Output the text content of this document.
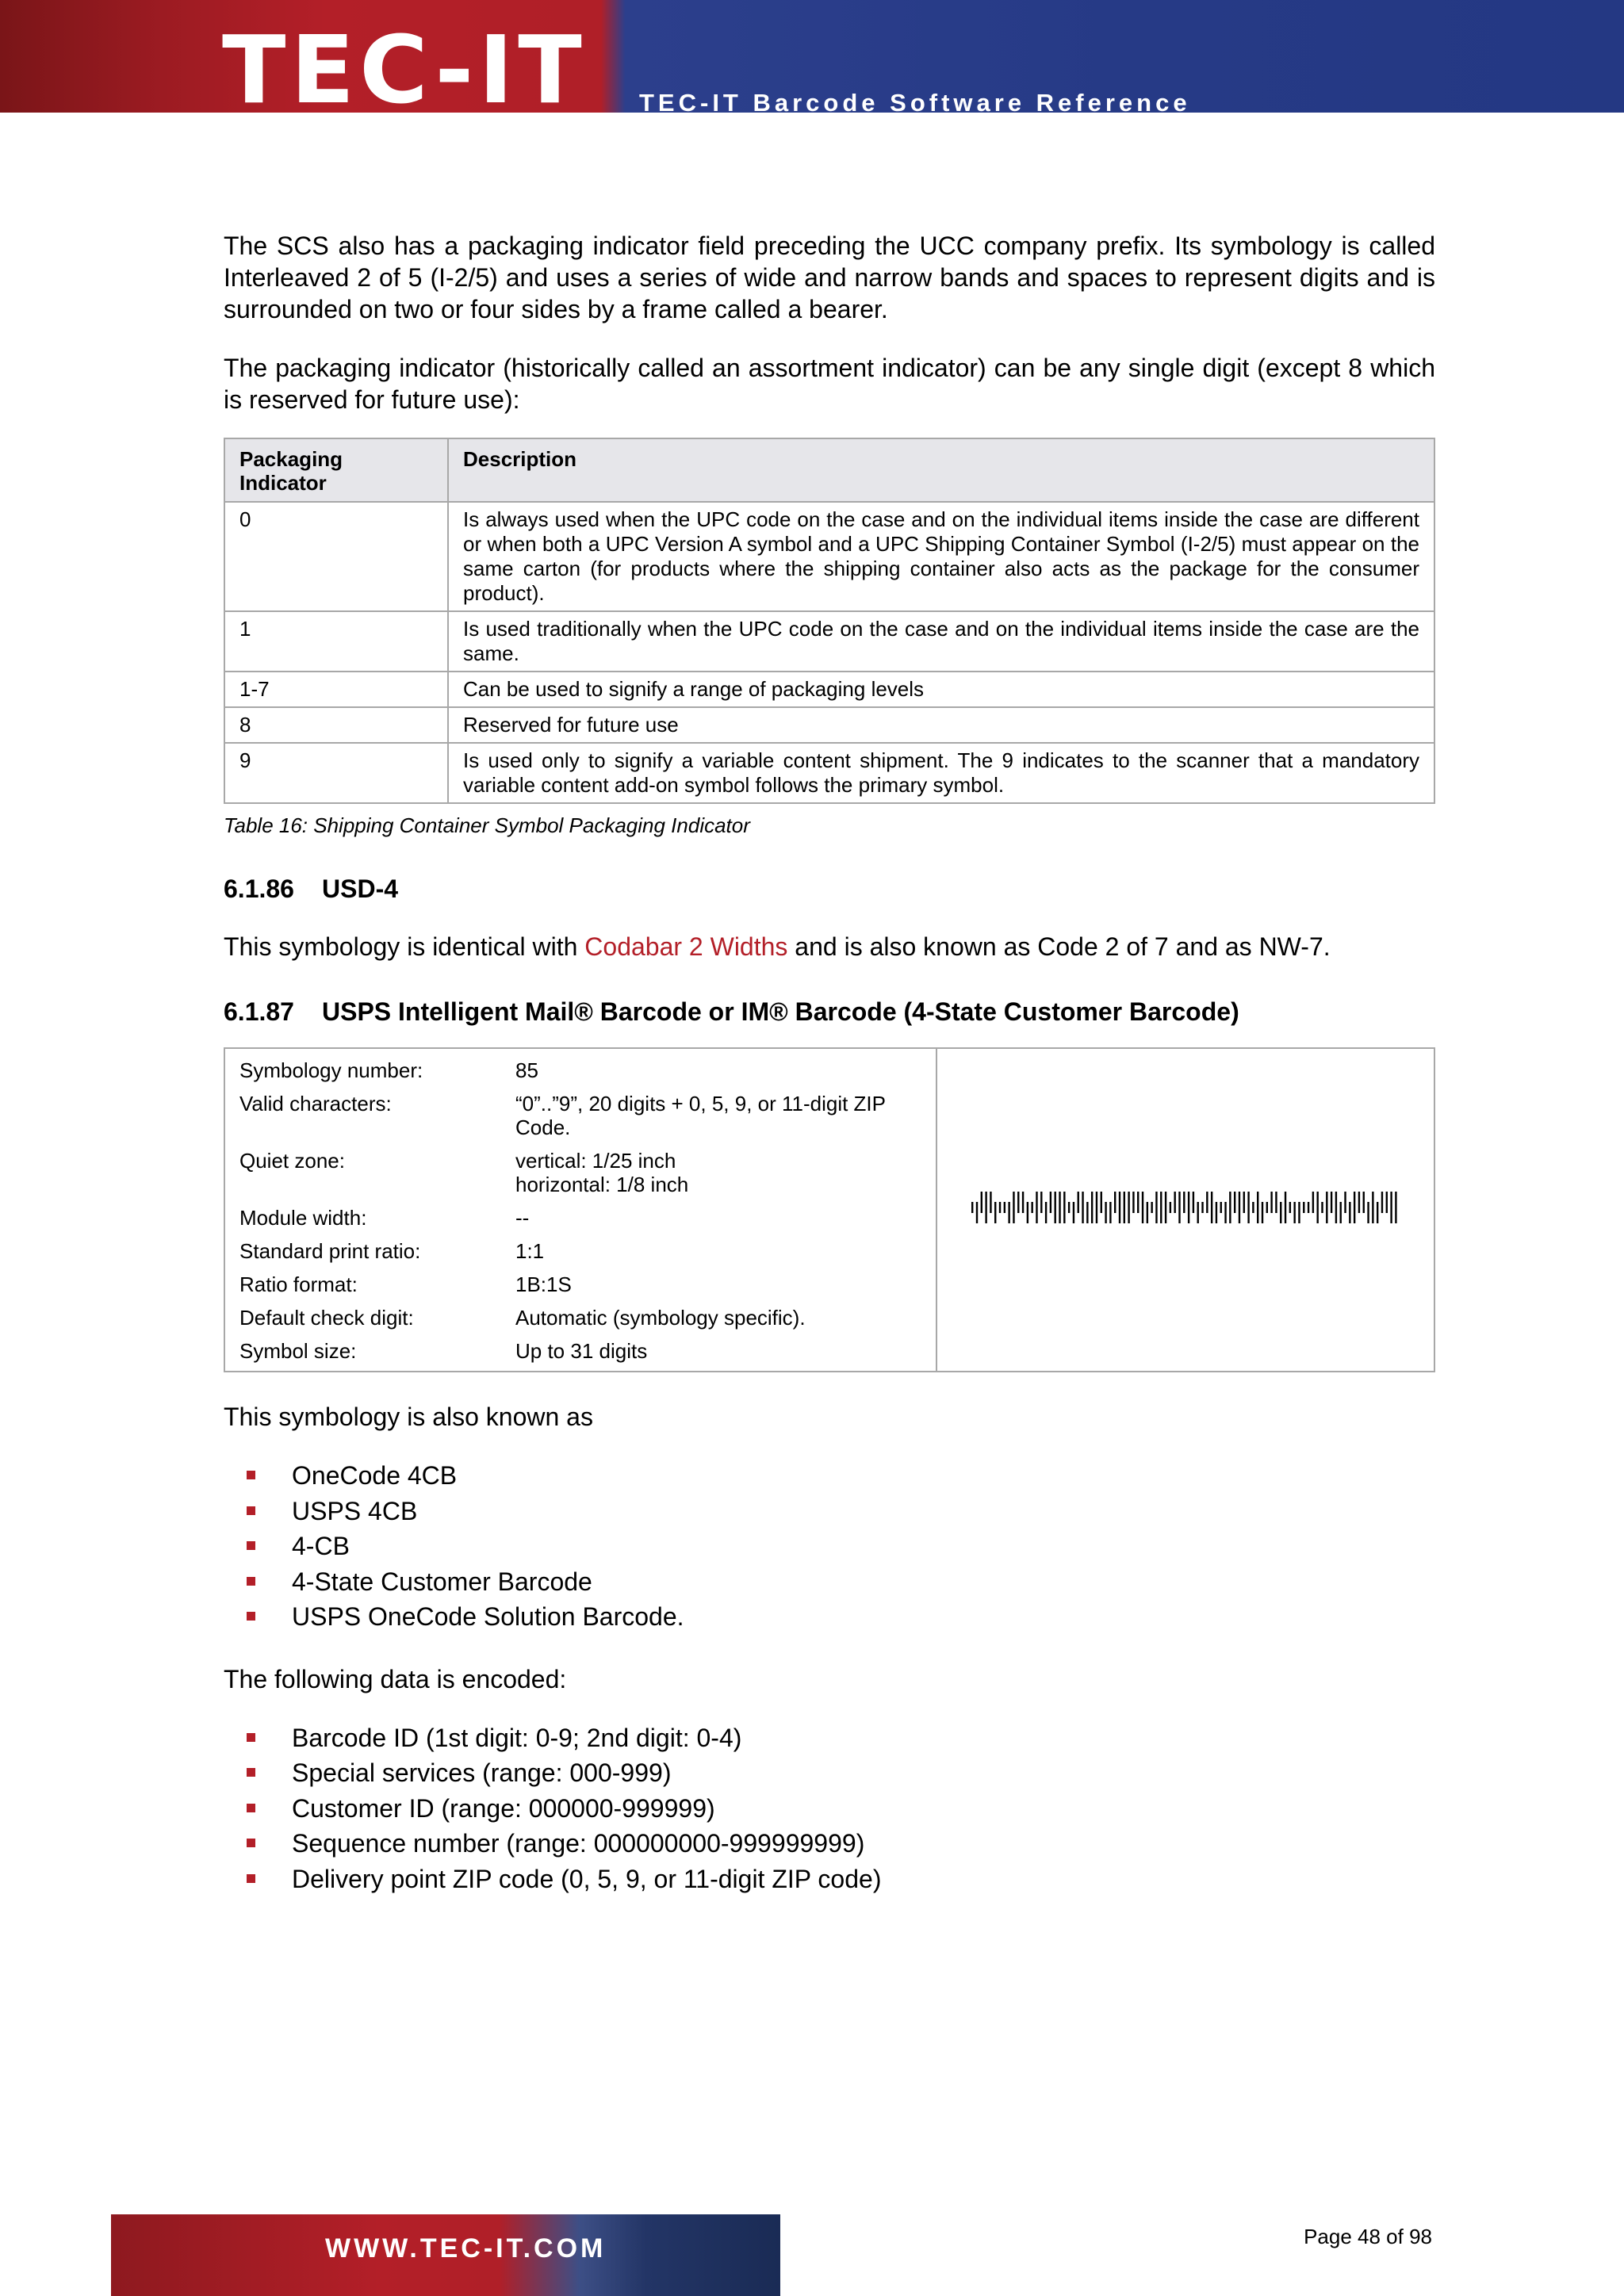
TEC-IT TEC-IT Barcode Software Reference

The SCS also has a packaging indicator field preceding the UCC company prefix. Its symbology is called Interleaved 2 of 5 (I-2/5) and uses a series of wide and narrow bands and spaces to represent digits and is surrounded on two or four sides by a frame called a bearer.

The packaging indicator (historically called an assortment indicator) can be any single digit (except 8 which is reserved for future use):

Packaging Indicator	Description
0	Is always used when the UPC code on the case and on the individual items inside the case are different or when both a UPC Version A symbol and a UPC Shipping Container Symbol (I-2/5) must appear on the same carton (for products where the shipping container also acts as the package for the consumer product).
1	Is used traditionally when the UPC code on the case and on the individual items inside the case are the same.
1-7	Can be used to signify a range of packaging levels
8	Reserved for future use
9	Is used only to signify a variable content shipment. The 9 indicates to the scanner that a mandatory variable content add-on symbol follows the primary symbol.
Table 16: Shipping Container Symbol Packaging Indicator
6.1.86	USD-4

This symbology is identical with Codabar 2 Widths and is also known as Code 2 of 7 and as NW-7.

6.1.87	USPS Intelligent Mail® Barcode or IM® Barcode (4-State Customer Barcode)
Symbology number:	85
Valid characters:	“0”..”9”, 20 digits + 0, 5, 9, or 11-digit ZIP Code.
Quiet zone:	vertical: 1/25 inch
horizontal: 1/8 inch
Module width:	--
Standard print ratio:	1:1
Ratio format:	1B:1S
Default check digit:	Automatic (symbology specific).
Symbol size:	Up to 31 digits

This symbology is also known as

OneCode 4CB
USPS 4CB
4-CB
4-State Customer Barcode
USPS OneCode Solution Barcode.

The following data is encoded:

Barcode ID (1st digit: 0-9; 2nd digit: 0-4)
Special services (range: 000-999)
Customer ID (range: 000000-999999)
Sequence number (range: 000000000-999999999)
Delivery point ZIP code (0, 5, 9, or 11-digit ZIP code)
WWW.TEC-IT.COM	Page 48 of 98
